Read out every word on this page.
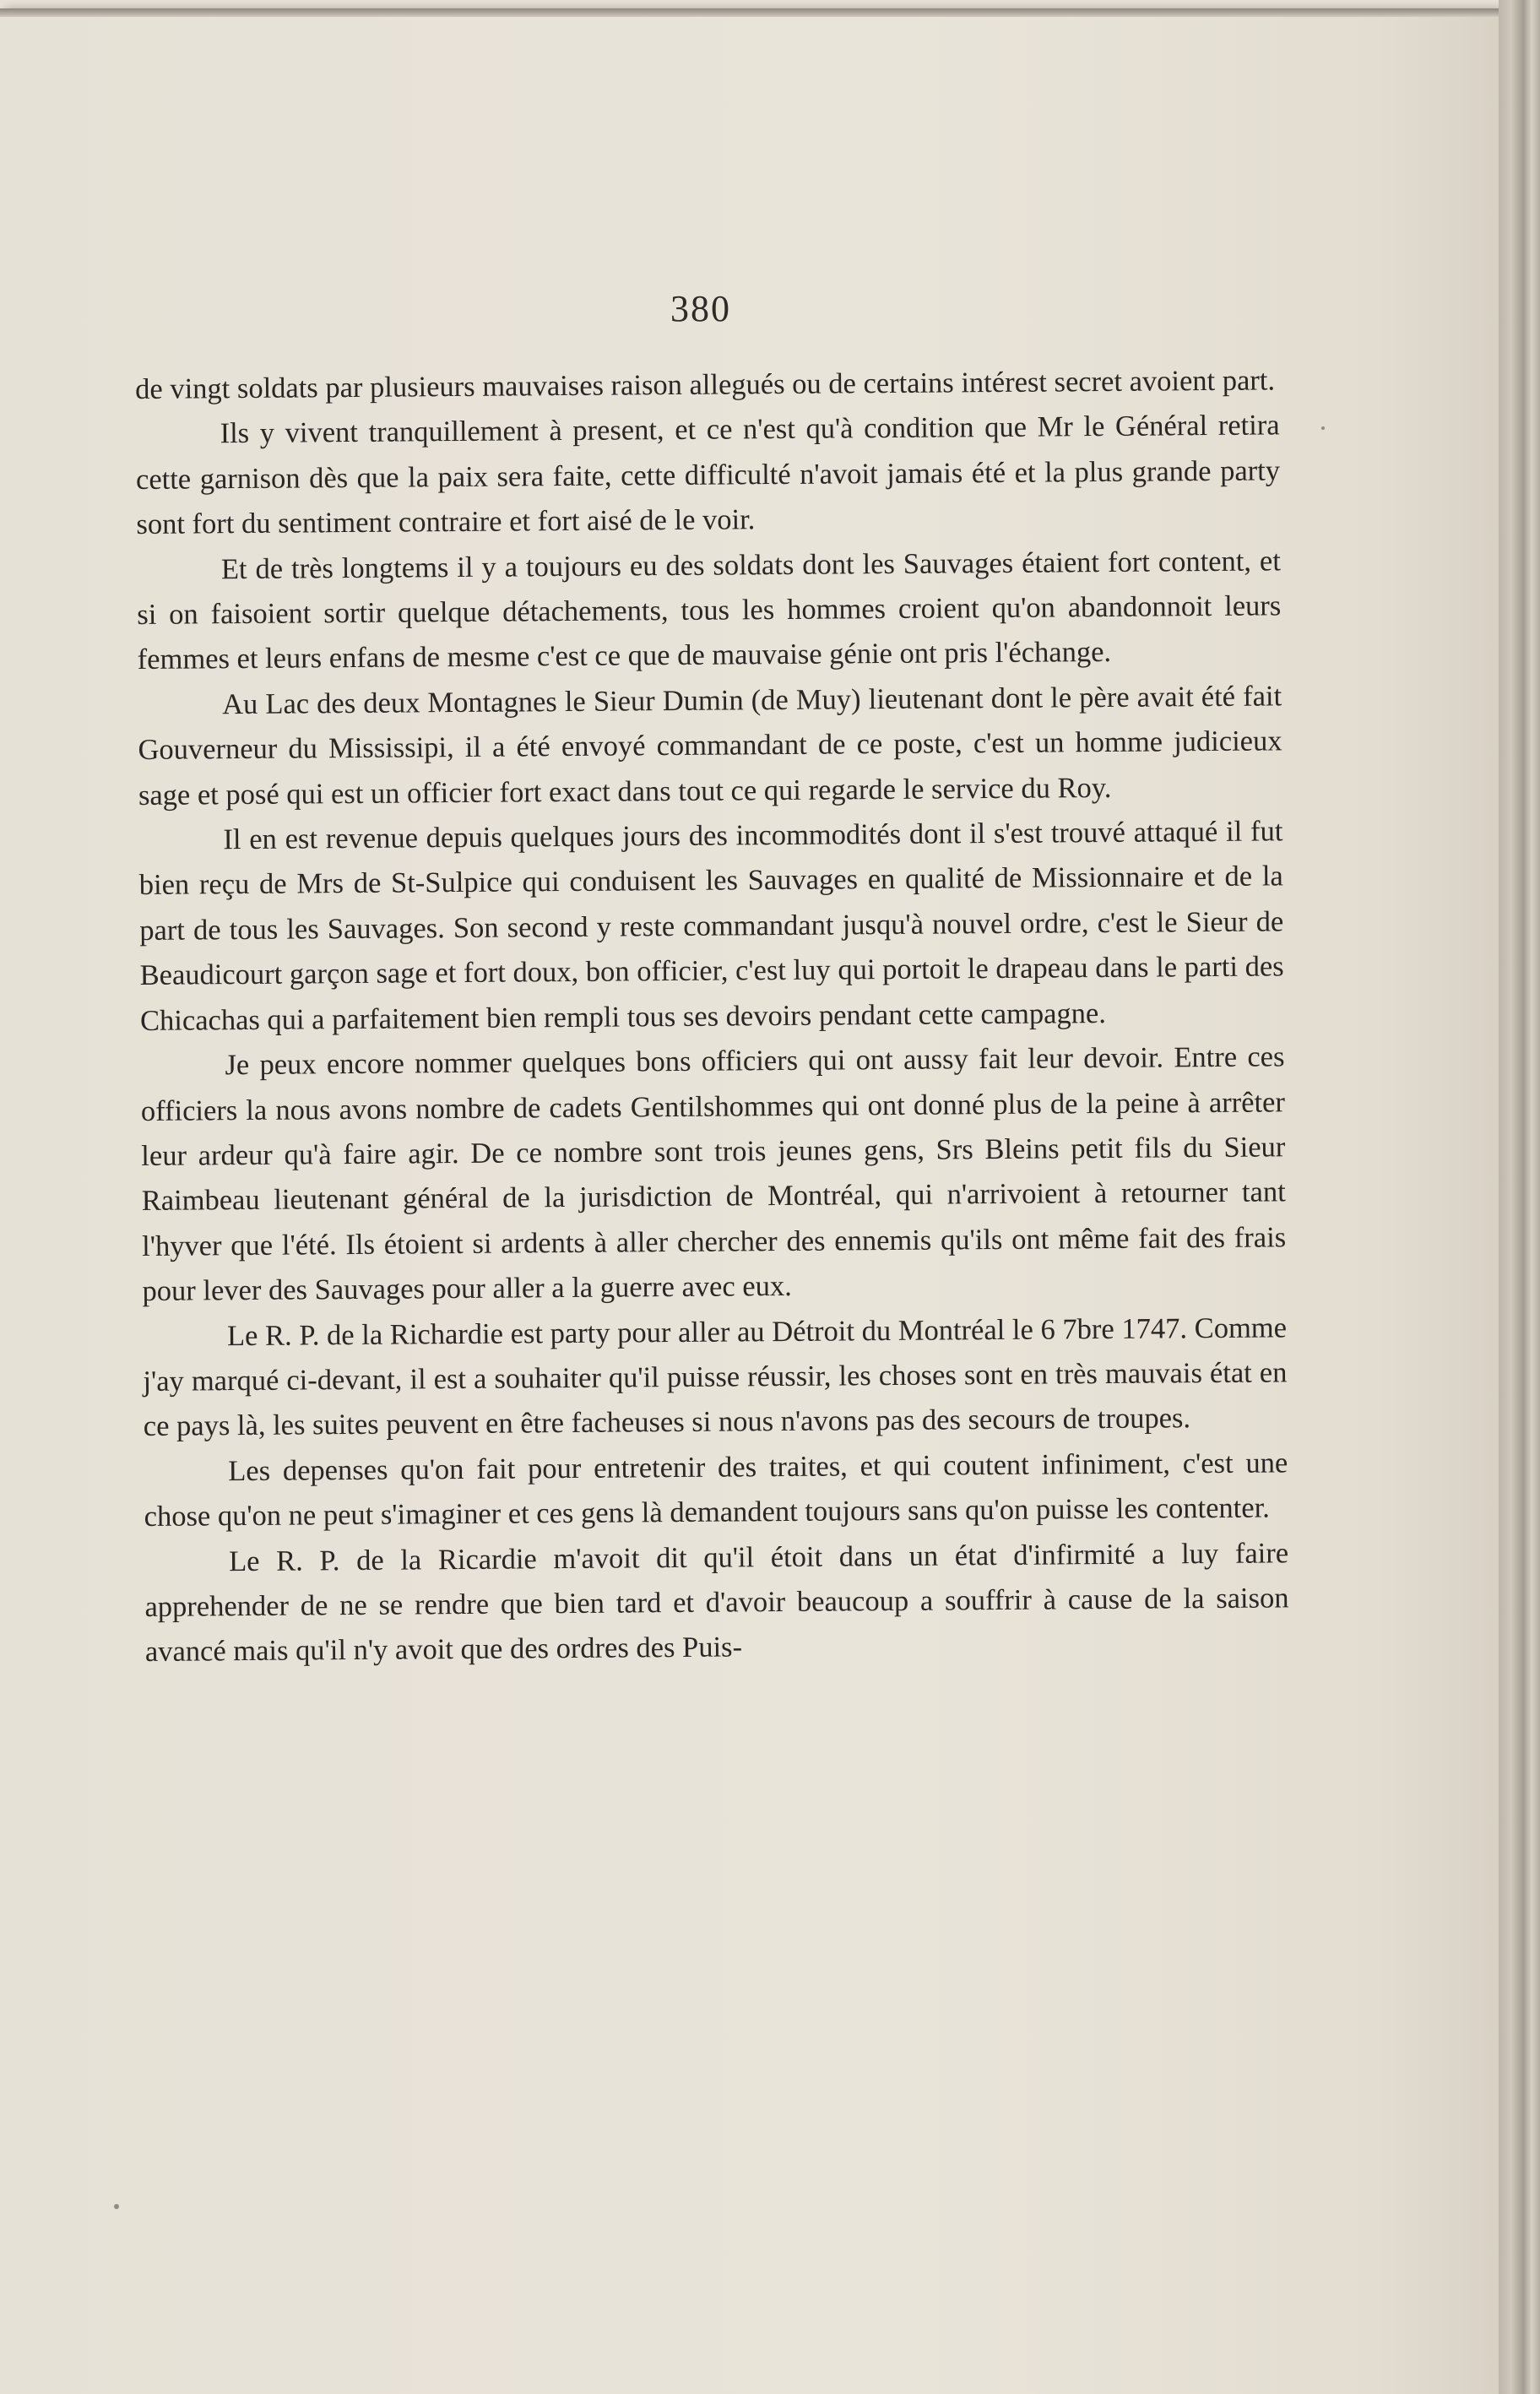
380

de vingt soldats par plusieurs mauvaises raison allegués ou de certains intérest secret avoient part.

Ils y vivent tranquillement à present, et ce n'est qu'à condition que Mr le Général retira cette garnison dès que la paix sera faite, cette difficulté n'avoit jamais été et la plus grande party sont fort du sentiment contraire et fort aisé de le voir.

Et de très longtems il y a toujours eu des soldats dont les Sauvages étaient fort content, et si on faisoient sortir quelque détachements, tous les hommes croient qu'on abandonnoit leurs femmes et leurs enfans de mesme c'est ce que de mauvaise génie ont pris l'échange.

Au Lac des deux Montagnes le Sieur Dumin (de Muy) lieutenant dont le père avait été fait Gouverneur du Mississipi, il a été envoyé commandant de ce poste, c'est un homme judicieux sage et posé qui est un officier fort exact dans tout ce qui regarde le service du Roy.

Il en est revenue depuis quelques jours des incommodités dont il s'est trouvé attaqué il fut bien reçu de Mrs de St-Sulpice qui conduisent les Sauvages en qualité de Missionnaire et de la part de tous les Sauvages. Son second y reste commandant jusqu'à nouvel ordre, c'est le Sieur de Beaudicourt garçon sage et fort doux, bon officier, c'est luy qui portoit le drapeau dans le parti des Chicachas qui a parfaitement bien rempli tous ses devoirs pendant cette campagne.

Je peux encore nommer quelques bons officiers qui ont aussy fait leur devoir. Entre ces officiers la nous avons nombre de cadets Gentilshommes qui ont donné plus de la peine à arrêter leur ardeur qu'à faire agir. De ce nombre sont trois jeunes gens, Srs Bleins petit fils du Sieur Raimbeau lieutenant général de la jurisdiction de Montréal, qui n'arrivoient à retourner tant l'hyver que l'été. Ils étoient si ardents à aller chercher des ennemis qu'ils ont même fait des frais pour lever des Sauvages pour aller a la guerre avec eux.

Le R. P. de la Richardie est party pour aller au Détroit du Montréal le 6 7bre 1747. Comme j'ay marqué ci-devant, il est a souhaiter qu'il puisse réussir, les choses sont en très mauvais état en ce pays là, les suites peuvent en être facheuses si nous n'avons pas des secours de troupes.

Les depenses qu'on fait pour entretenir des traites, et qui coutent infiniment, c'est une chose qu'on ne peut s'imaginer et ces gens là demandent toujours sans qu'on puisse les contenter.

Le R. P. de la Ricardie m'avoit dit qu'il étoit dans un état d'infirmité a luy faire apprehender de ne se rendre que bien tard et d'avoir beaucoup a souffrir à cause de la saison avancé mais qu'il n'y avoit que des ordres des Puis-
